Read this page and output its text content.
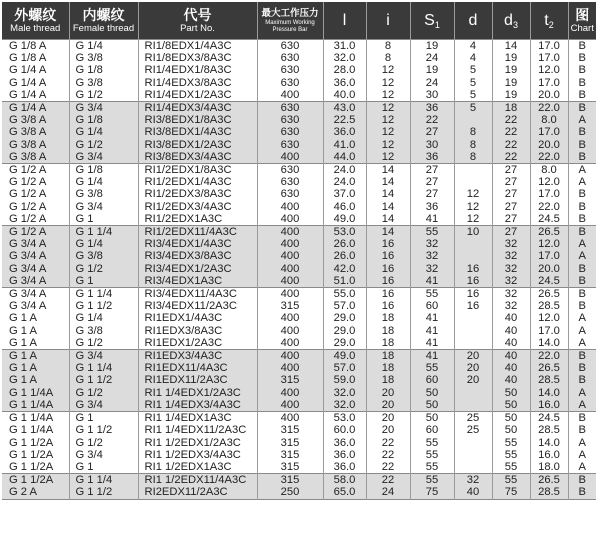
外螺纹
Male thread	内螺纹
Female thread	代号
Part No.	最大工作压力
Maximum Working
Pressure Bar	l	i	S1	d	d3	t2	图
Chart

G 1/8 A	G 1/4	RI1/8EDX1/4A3C	630	31.0	8	19	4	14	17.0	B
G 1/8 A	G 3/8	RI1/8EDX3/8A3C	630	32.0	8	24	4	19	17.0	B
G 1/4 A	G 1/8	RI1/4EDX1/8A3C	630	28.0	12	19	5	19	12.0	B
G 1/4 A	G 3/8	RI1/4EDX3/8A3C	630	36.0	12	24	5	19	17.0	B
G 1/4 A	G 1/2	RI1/4EDX1/2A3C	400	40.0	12	30	5	19	20.0	B
G 1/4 A	G 3/4	RI1/4EDX3/4A3C	630	43.0	12	36	5	18	22.0	B
G 3/8 A	G 1/8	RI3/8EDX1/8A3C	630	22.5	12	22		22	8.0	A
G 3/8 A	G 1/4	RI3/8EDX1/4A3C	630	36.0	12	27	8	22	17.0	B
G 3/8 A	G 1/2	RI3/8EDX1/2A3C	630	41.0	12	30	8	22	20.0	B
G 3/8 A	G 3/4	RI3/8EDX3/4A3C	400	44.0	12	36	8	22	22.0	B
G 1/2 A	G 1/8	RI1/2EDX1/8A3C	630	24.0	14	27		27	8.0	A
G 1/2 A	G 1/4	RI1/2EDX1/4A3C	630	24.0	14	27		27	12.0	A
G 1/2 A	G 3/8	RI1/2EDX3/8A3C	630	37.0	14	27	12	27	17.0	B
G 1/2 A	G 3/4	RI1/2EDX3/4A3C	400	46.0	14	36	12	27	22.0	B
G 1/2 A	G 1	RI1/2EDX1A3C	400	49.0	14	41	12	27	24.5	B
G 1/2 A	G 1 1/4	RI1/2EDX11/4A3C	400	53.0	14	55	10	27	26.5	B
G 3/4 A	G 1/4	RI3/4EDX1/4A3C	400	26.0	16	32		32	12.0	A
G 3/4 A	G 3/8	RI3/4EDX3/8A3C	400	26.0	16	32		32	17.0	A
G 3/4 A	G 1/2	RI3/4EDX1/2A3C	400	42.0	16	32	16	32	20.0	B
G 3/4 A	G 1	RI3/4EDX1A3C	400	51.0	16	41	16	32	24.5	B
G 3/4 A	G 1 1/4	RI3/4EDX11/4A3C	400	55.0	16	55	16	32	26.5	B
G 3/4 A	G 1 1/2	RI3/4EDX11/2A3C	315	57.0	16	60	16	32	28.5	B
G 1 A	G 1/4	RI1EDX1/4A3C	400	29.0	18	41		40	12.0	A
G 1 A	G 3/8	RI1EDX3/8A3C	400	29.0	18	41		40	17.0	A
G 1 A	G 1/2	RI1EDX1/2A3C	400	29.0	18	41		40	14.0	A
G 1 A	G 3/4	RI1EDX3/4A3C	400	49.0	18	41	20	40	22.0	B
G 1 A	G 1 1/4	RI1EDX11/4A3C	400	57.0	18	55	20	40	26.5	B
G 1 A	G 1 1/2	RI1EDX11/2A3C	315	59.0	18	60	20	40	28.5	B
G 1 1/4A	G 1/2	RI1 1/4EDX1/2A3C	400	32.0	20	50		50	14.0	A
G 1 1/4A	G 3/4	RI1 1/4EDX3/4A3C	400	32.0	20	50		50	16.0	A
G 1 1/4A	G 1	RI1 1/4EDX1A3C	400	53.0	20	50	25	50	24.5	B
G 1 1/4A	G 1 1/2	RI1 1/4EDX11/2A3C	315	60.0	20	60	25	50	28.5	B
G 1 1/2A	G 1/2	RI1 1/2EDX1/2A3C	315	36.0	22	55		55	14.0	A
G 1 1/2A	G 3/4	RI1 1/2EDX3/4A3C	315	36.0	22	55		55	16.0	A
G 1 1/2A	G 1	RI1 1/2EDX1A3C	315	36.0	22	55		55	18.0	A
G 1 1/2A	G 1 1/4	RI1 1/2EDX11/4A3C	315	58.0	22	55	32	55	26.5	B
G 2 A	G 1 1/2	RI2EDX11/2A3C	250	65.0	24	75	40	75	28.5	B
